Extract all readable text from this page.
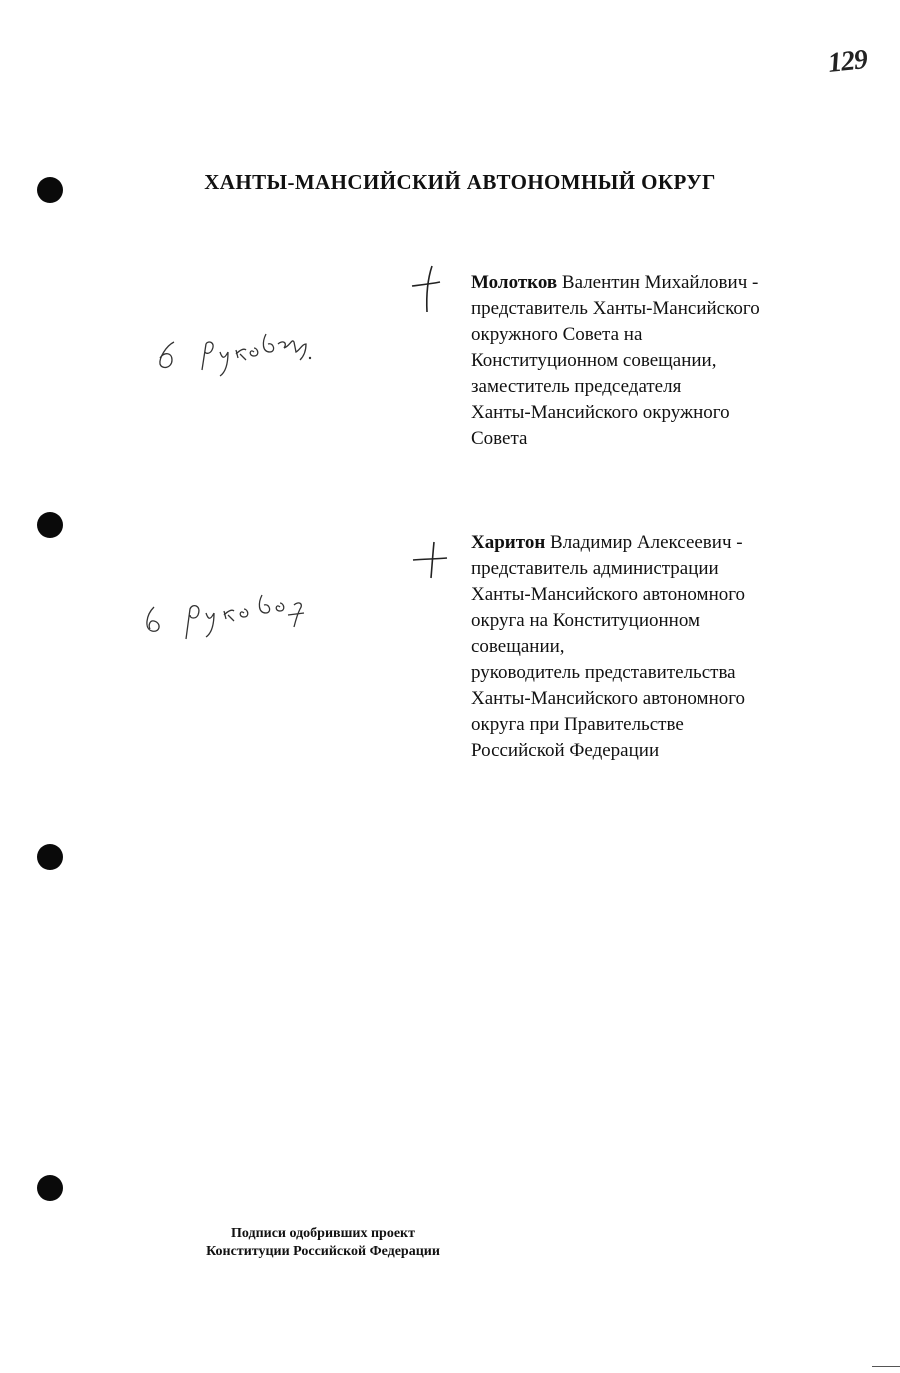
129
ХАНТЫ-МАНСИЙСКИЙ АВТОНОМНЫЙ ОКРУГ
Молотков Валентин Михайлович -
представитель Ханты-Мансийского
окружного Совета на
Конституционном совещании,
заместитель председателя
Ханты-Мансийского окружного
Совета
Харитон Владимир Алексеевич -
представитель администрации
Ханты-Мансийского автономного
округа на Конституционном
совещании,
руководитель представительства
Ханты-Мансийского автономного
округа при Правительстве
Российской Федерации
Подписи одобривших проект
Конституции Российской Федерации
